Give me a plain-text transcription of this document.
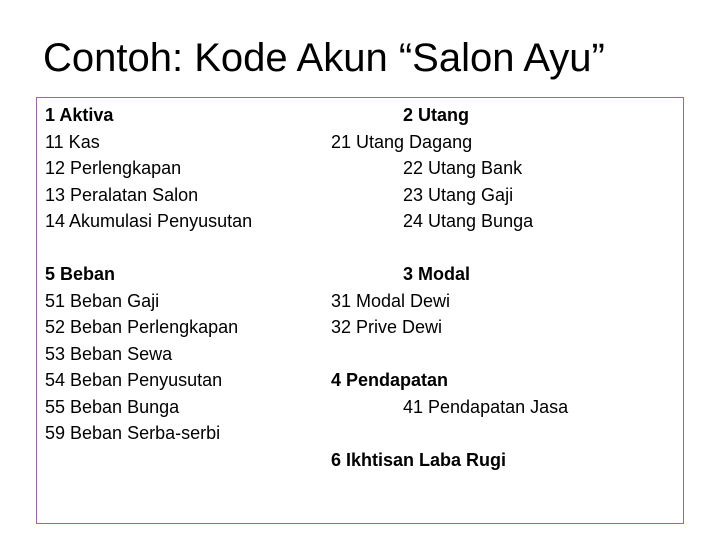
Contoh: Kode Akun “Salon Ayu”
1 Aktiva
11 Kas
12 Perlengkapan
13 Peralatan Salon
14 Akumulasi Penyusutan
5 Beban
51 Beban Gaji
52 Beban Perlengkapan
53 Beban Sewa
54 Beban Penyusutan
55 Beban Bunga
59 Beban Serba-serbi
2 Utang
21 Utang Dagang
22 Utang Bank
23 Utang Gaji
24 Utang Bunga
3 Modal
31 Modal Dewi
32 Prive Dewi
4 Pendapatan
41 Pendapatan Jasa
6 Ikhtisan Laba Rugi
